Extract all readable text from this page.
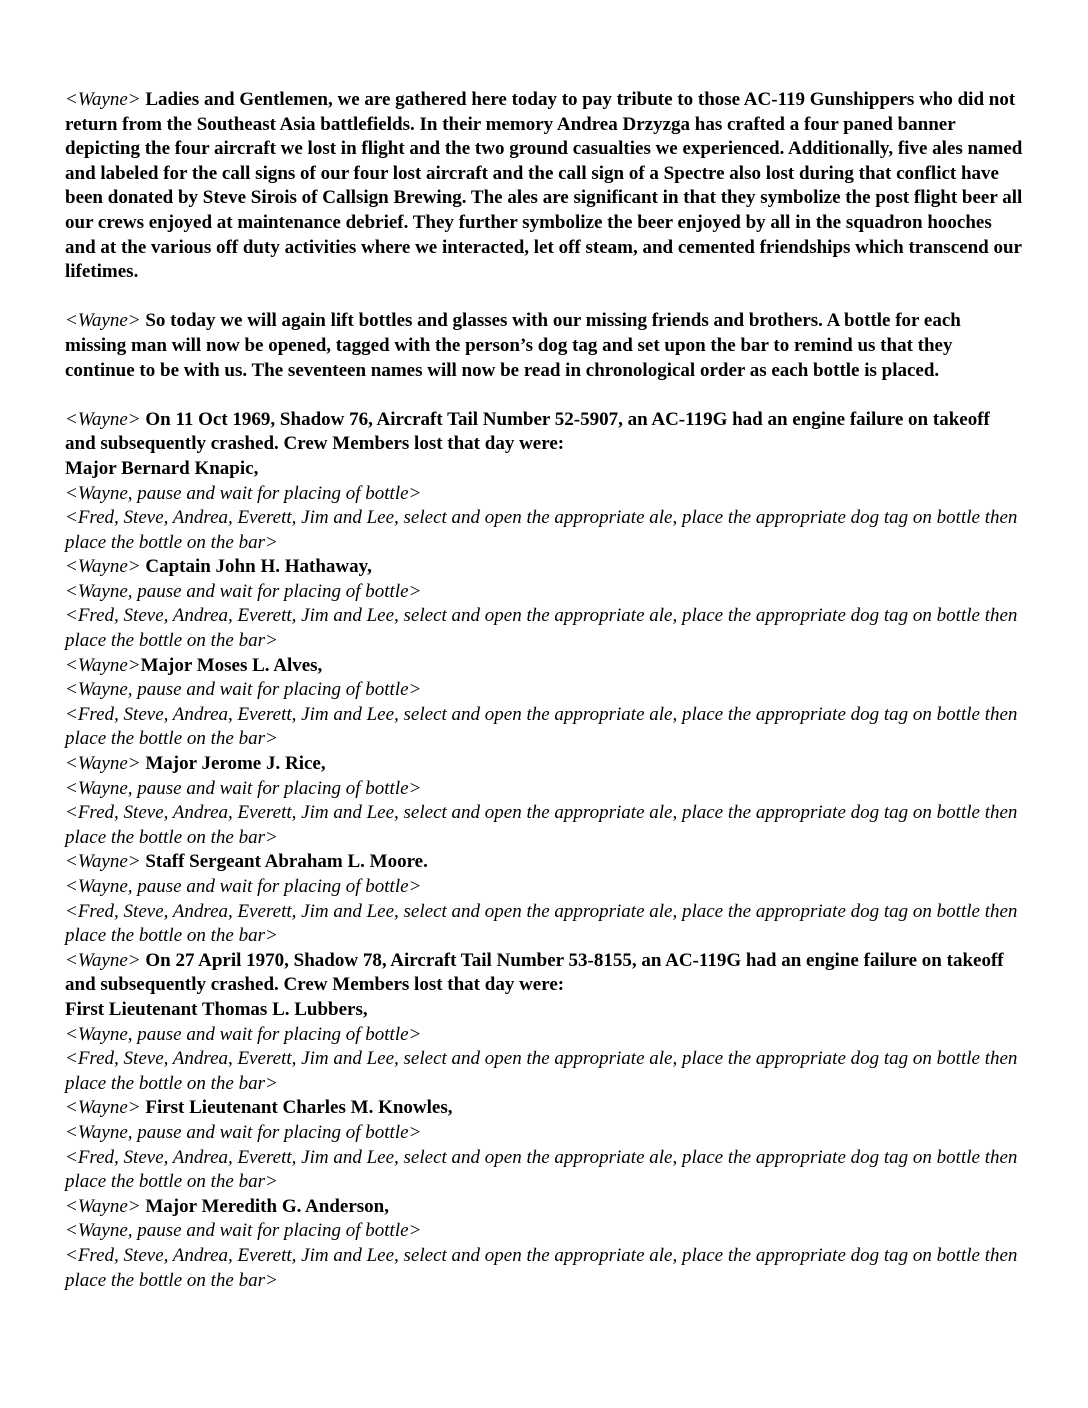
<Wayne> Ladies and Gentlemen, we are gathered here today to pay tribute to those AC-119 Gunshippers who did not return from the Southeast Asia battlefields. In their memory Andrea Drzyzga has crafted a four paned banner depicting the four aircraft we lost in flight and the two ground casualties we experienced. Additionally, five ales named and labeled for the call signs of our four lost aircraft and the call sign of a Spectre also lost during that conflict have been donated by Steve Sirois of Callsign Brewing. The ales are significant in that they symbolize the post flight beer all our crews enjoyed at maintenance debrief. They further symbolize the beer enjoyed by all in the squadron hooches and at the various off duty activities where we interacted, let off steam, and cemented friendships which transcend our lifetimes.

<Wayne> So today we will again lift bottles and glasses with our missing friends and brothers. A bottle for each missing man will now be opened, tagged with the person’s dog tag and set upon the bar to remind us that they continue to be with us. The seventeen names will now be read in chronological order as each bottle is placed.

<Wayne> On 11 Oct 1969, Shadow 76, Aircraft Tail Number 52-5907, an AC-119G had an engine failure on takeoff and subsequently crashed. Crew Members lost that day were:

Major Bernard Knapic,

<Wayne, pause and wait for placing of bottle>

<Fred, Steve, Andrea, Everett, Jim and Lee, select and open the appropriate ale, place the appropriate dog tag on bottle then place the bottle on the bar>

<Wayne> Captain John H. Hathaway,

<Wayne, pause and wait for placing of bottle>

<Fred, Steve, Andrea, Everett, Jim and Lee, select and open the appropriate ale, place the appropriate dog tag on bottle then place the bottle on the bar>

<Wayne>Major Moses L. Alves,

<Wayne, pause and wait for placing of bottle>

<Fred, Steve, Andrea, Everett, Jim and Lee, select and open the appropriate ale, place the appropriate dog tag on bottle then place the bottle on the bar>

<Wayne> Major Jerome J. Rice,

<Wayne, pause and wait for placing of bottle>

<Fred, Steve, Andrea, Everett, Jim and Lee, select and open the appropriate ale, place the appropriate dog tag on bottle then place the bottle on the bar>

<Wayne> Staff Sergeant Abraham L. Moore.

<Wayne, pause and wait for placing of bottle>

<Fred, Steve, Andrea, Everett, Jim and Lee, select and open the appropriate ale, place the appropriate dog tag on bottle then place the bottle on the bar>

<Wayne> On 27 April 1970, Shadow 78, Aircraft Tail Number 53-8155, an AC-119G had an engine failure on takeoff and subsequently crashed. Crew Members lost that day were:

First Lieutenant Thomas L. Lubbers,

<Wayne, pause and wait for placing of bottle>

<Fred, Steve, Andrea, Everett, Jim and Lee, select and open the appropriate ale, place the appropriate dog tag on bottle then place the bottle on the bar>

<Wayne> First Lieutenant Charles M. Knowles,

<Wayne, pause and wait for placing of bottle>

<Fred, Steve, Andrea, Everett, Jim and Lee, select and open the appropriate ale, place the appropriate dog tag on bottle then place the bottle on the bar>

<Wayne> Major Meredith G. Anderson,

<Wayne, pause and wait for placing of bottle>

<Fred, Steve, Andrea, Everett, Jim and Lee, select and open the appropriate ale, place the appropriate dog tag on bottle then place the bottle on the bar>
